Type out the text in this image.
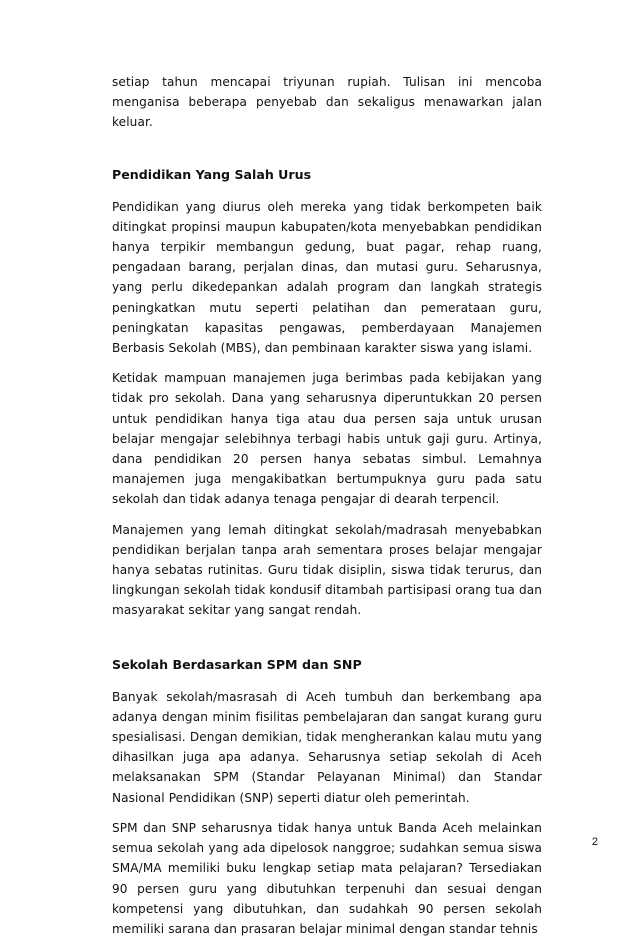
setiap tahun mencapai triyunan rupiah. Tulisan ini mencoba menganisa beberapa penyebab dan sekaligus menawarkan jalan keluar.

Pendidikan Yang Salah Urus

Pendidikan yang diurus oleh mereka yang tidak berkompeten baik ditingkat propinsi maupun kabupaten/kota menyebabkan pendidikan hanya terpikir membangun gedung, buat pagar, rehap ruang, pengadaan barang, perjalan dinas, dan mutasi guru. Seharusnya, yang perlu dikedepankan adalah program dan langkah strategis peningkatkan mutu seperti pelatihan dan pemerataan guru, peningkatan kapasitas pengawas, pemberdayaan Manajemen Berbasis Sekolah (MBS), dan pembinaan karakter siswa yang islami.

Ketidak mampuan manajemen juga berimbas pada kebijakan yang tidak pro sekolah. Dana yang seharusnya diperuntukkan 20 persen untuk pendidikan hanya tiga atau dua persen saja untuk urusan belajar mengajar selebihnya terbagi habis untuk gaji guru. Artinya, dana pendidikan 20 persen hanya sebatas simbul. Lemahnya manajemen juga mengakibatkan bertumpuknya guru pada satu sekolah dan tidak adanya tenaga pengajar di dearah terpencil.

Manajemen yang lemah ditingkat sekolah/madrasah menyebabkan pendidikan berjalan tanpa arah sementara proses belajar mengajar hanya sebatas rutinitas. Guru tidak disiplin, siswa tidak terurus, dan lingkungan sekolah tidak kondusif ditambah partisipasi orang tua dan masyarakat sekitar yang sangat rendah.

Sekolah Berdasarkan SPM dan SNP

Banyak sekolah/masrasah di Aceh tumbuh dan berkembang apa adanya dengan minim fisilitas pembelajaran dan sangat kurang guru spesialisasi. Dengan demikian, tidak mengherankan kalau mutu yang dihasilkan juga apa adanya. Seharusnya setiap sekolah di Aceh melaksanakan SPM (Standar Pelayanan Minimal) dan Standar Nasional Pendidikan (SNP) seperti diatur oleh pemerintah.

SPM dan SNP seharusnya tidak hanya untuk Banda Aceh melainkan semua sekolah yang ada dipelosok nanggroe; sudahkan semua siswa SMA/MA memiliki buku lengkap setiap mata pelajaran? Tersediakan 90 persen guru yang dibutuhkan terpenuhi dan sesuai dengan kompetensi yang dibutuhkan, dan sudahkah 90 persen sekolah memiliki sarana dan prasaran belajar minimal dengan standar tehnis

2
